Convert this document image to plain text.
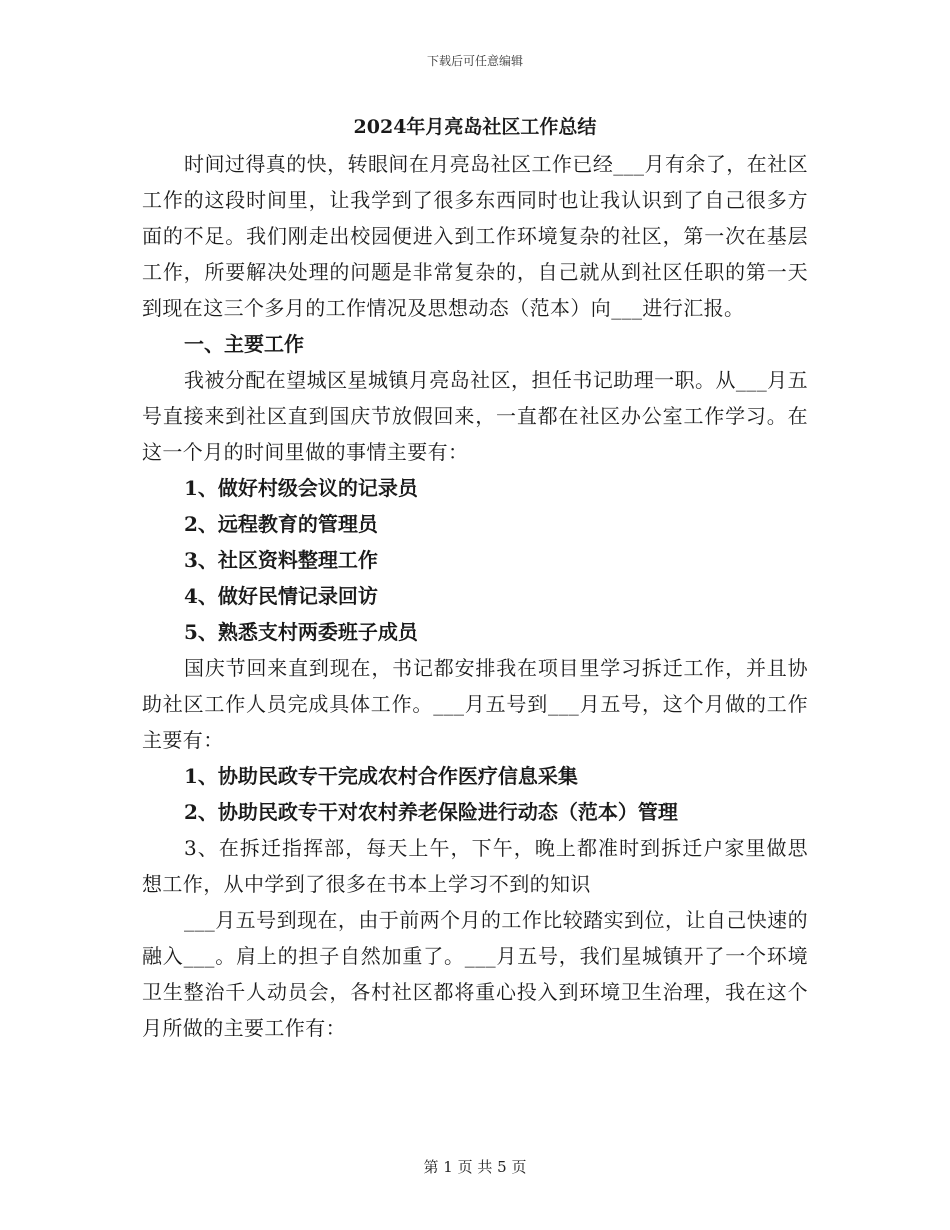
下载后可任意编辑
2024年月亮岛社区工作总结

时间过得真的快，转眼间在月亮岛社区工作已经___月有余了，在社区工作的这段时间里，让我学到了很多东西同时也让我认识到了自己很多方面的不足。我们刚走出校园便进入到工作环境复杂的社区，第一次在基层工作，所要解决处理的问题是非常复杂的，自己就从到社区任职的第一天到现在这三个多月的工作情况及思想动态（范本）向___进行汇报。

一、主要工作

我被分配在望城区星城镇月亮岛社区，担任书记助理一职。从___月五号直接来到社区直到国庆节放假回来，一直都在社区办公室工作学习。在这一个月的时间里做的事情主要有：

1、做好村级会议的记录员

2、远程教育的管理员

3、社区资料整理工作

4、做好民情记录回访

5、熟悉支村两委班子成员

国庆节回来直到现在，书记都安排我在项目里学习拆迁工作，并且协助社区工作人员完成具体工作。___月五号到___月五号，这个月做的工作主要有：

1、协助民政专干完成农村合作医疗信息采集

2、协助民政专干对农村养老保险进行动态（范本）管理

3、在拆迁指挥部，每天上午，下午，晚上都准时到拆迁户家里做思想工作，从中学到了很多在书本上学习不到的知识

___月五号到现在，由于前两个月的工作比较踏实到位，让自己快速的融入___。肩上的担子自然加重了。___月五号，我们星城镇开了一个环境卫生整治千人动员会，各村社区都将重心投入到环境卫生治理，我在这个月所做的主要工作有：

第 1 页 共 5 页
